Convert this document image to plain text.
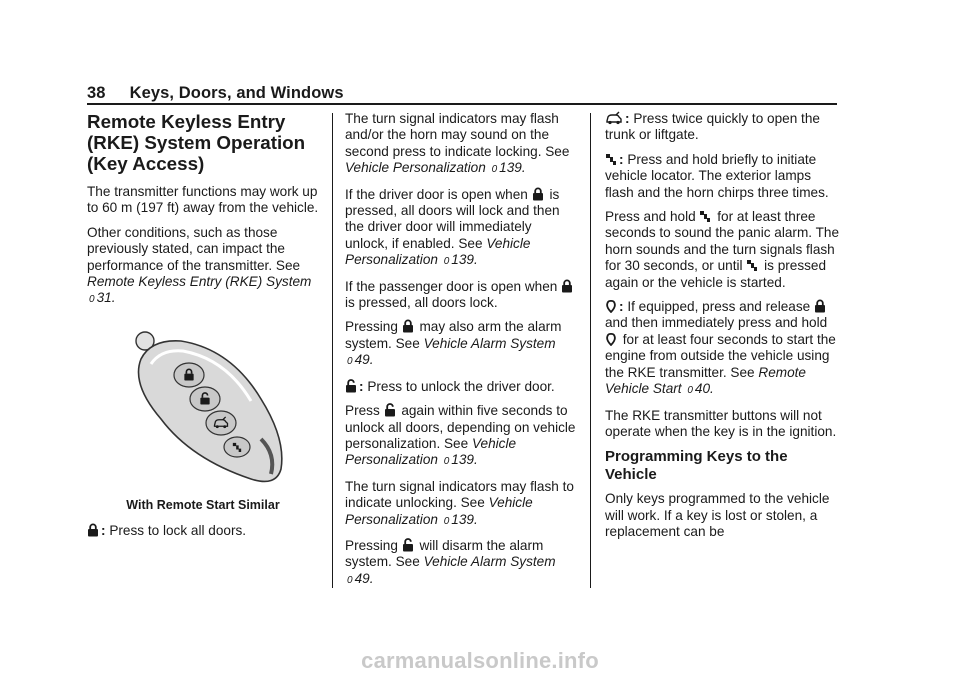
38 Keys, Doors, and Windows
Remote Keyless Entry
(RKE) System Operation
(Key Access)

The transmitter functions may work up to 60 m (197 ft) away from the vehicle.

Other conditions, such as those previously stated, can impact the performance of the transmitter. See Remote Keyless Entry (RKE) System 0 31.

With Remote Start Similar

: Press to lock all doors.

The turn signal indicators may flash and/or the horn may sound on the second press to indicate locking. See Vehicle Personalization 0 139.

If the driver door is open when is pressed, all doors will lock and then the driver door will immediately unlock, if enabled. See Vehicle Personalization 0 139.

If the passenger door is open when
is pressed, all doors lock.

Pressing may also arm the alarm system. See Vehicle Alarm System 0 49.

: Press to unlock the driver door.

Press again within five seconds to unlock all doors, depending on vehicle personalization. See Vehicle Personalization 0 139.

The turn signal indicators may flash to indicate unlocking. See Vehicle Personalization 0 139.

Pressing will disarm the alarm system. See Vehicle Alarm System 0 49.

: Press twice quickly to open the trunk or liftgate.

: Press and hold briefly to initiate vehicle locator. The exterior lamps flash and the horn chirps three times.

Press and hold for at least three seconds to sound the panic alarm. The horn sounds and the turn signals flash for 30 seconds, or until is pressed again or the vehicle is started.

: If equipped, press and release
and then immediately press and hold
for at least four seconds to start the engine from outside the vehicle using the RKE transmitter. See Remote Vehicle Start 0 40.

The RKE transmitter buttons will not operate when the key is in the ignition.

Programming Keys to the Vehicle

Only keys programmed to the vehicle will work. If a key is lost or stolen, a replacement can be

carmanualsonline.info
